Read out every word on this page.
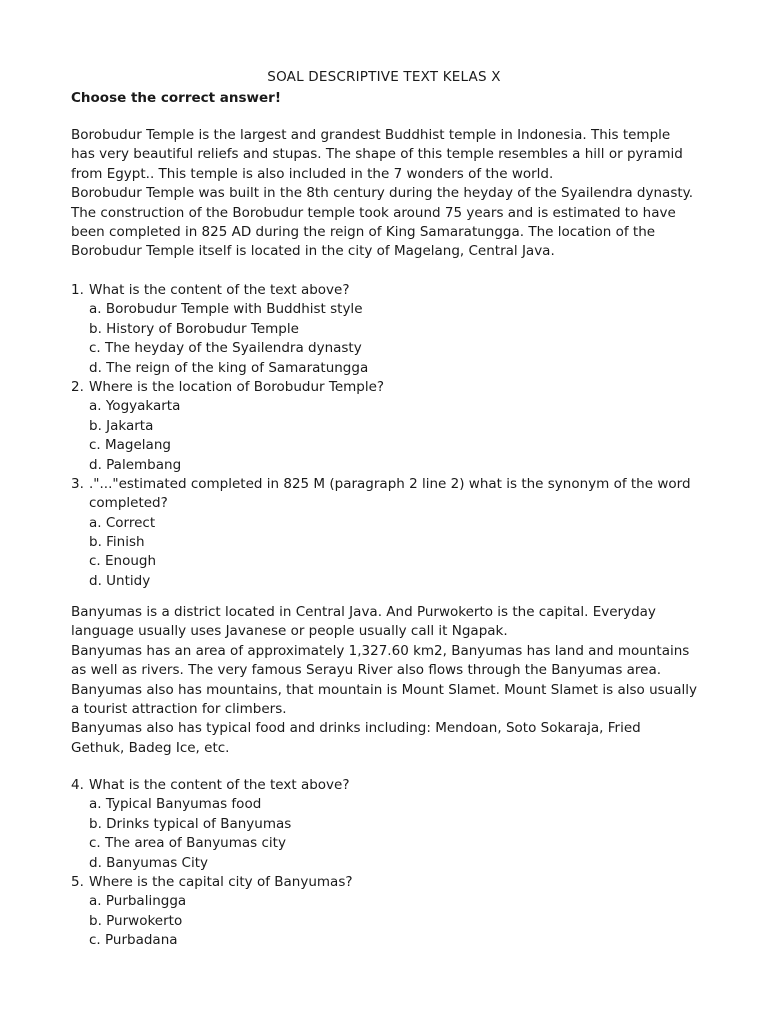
SOAL DESCRIPTIVE TEXT KELAS X
Choose the correct answer!
Borobudur Temple is the largest and grandest Buddhist temple in Indonesia. This temple
has very beautiful reliefs and stupas. The shape of this temple resembles a hill or pyramid
from Egypt.. This temple is also included in the 7 wonders of the world.
Borobudur Temple was built in the 8th century during the heyday of the Syailendra dynasty.
The construction of the Borobudur temple took around 75 years and is estimated to have
been completed in 825 AD during the reign of King Samaratungga. The location of the
Borobudur Temple itself is located in the city of Magelang, Central Java.
1. What is the content of the text above?
a. Borobudur Temple with Buddhist style
b. History of Borobudur Temple
c. The heyday of the Syailendra dynasty
d. The reign of the king of Samaratungga
2. Where is the location of Borobudur Temple?
a. Yogyakarta
b. Jakarta
c. Magelang
d. Palembang
3. ."..."estimated completed in 825 M (paragraph 2 line 2) what is the synonym of the word
completed?
a. Correct
b. Finish
c. Enough
d. Untidy
Banyumas is a district located in Central Java. And Purwokerto is the capital. Everyday
language usually uses Javanese or people usually call it Ngapak.
Banyumas has an area of approximately 1,327.60 km2, Banyumas has land and mountains
as well as rivers. The very famous Serayu River also flows through the Banyumas area.
Banyumas also has mountains, that mountain is Mount Slamet. Mount Slamet is also usually
a tourist attraction for climbers.
Banyumas also has typical food and drinks including: Mendoan, Soto Sokaraja, Fried
Gethuk, Badeg Ice, etc.
4. What is the content of the text above?
a. Typical Banyumas food
b. Drinks typical of Banyumas
c. The area of Banyumas city
d. Banyumas City
5. Where is the capital city of Banyumas?
a. Purbalingga
b. Purwokerto
c. Purbadana
